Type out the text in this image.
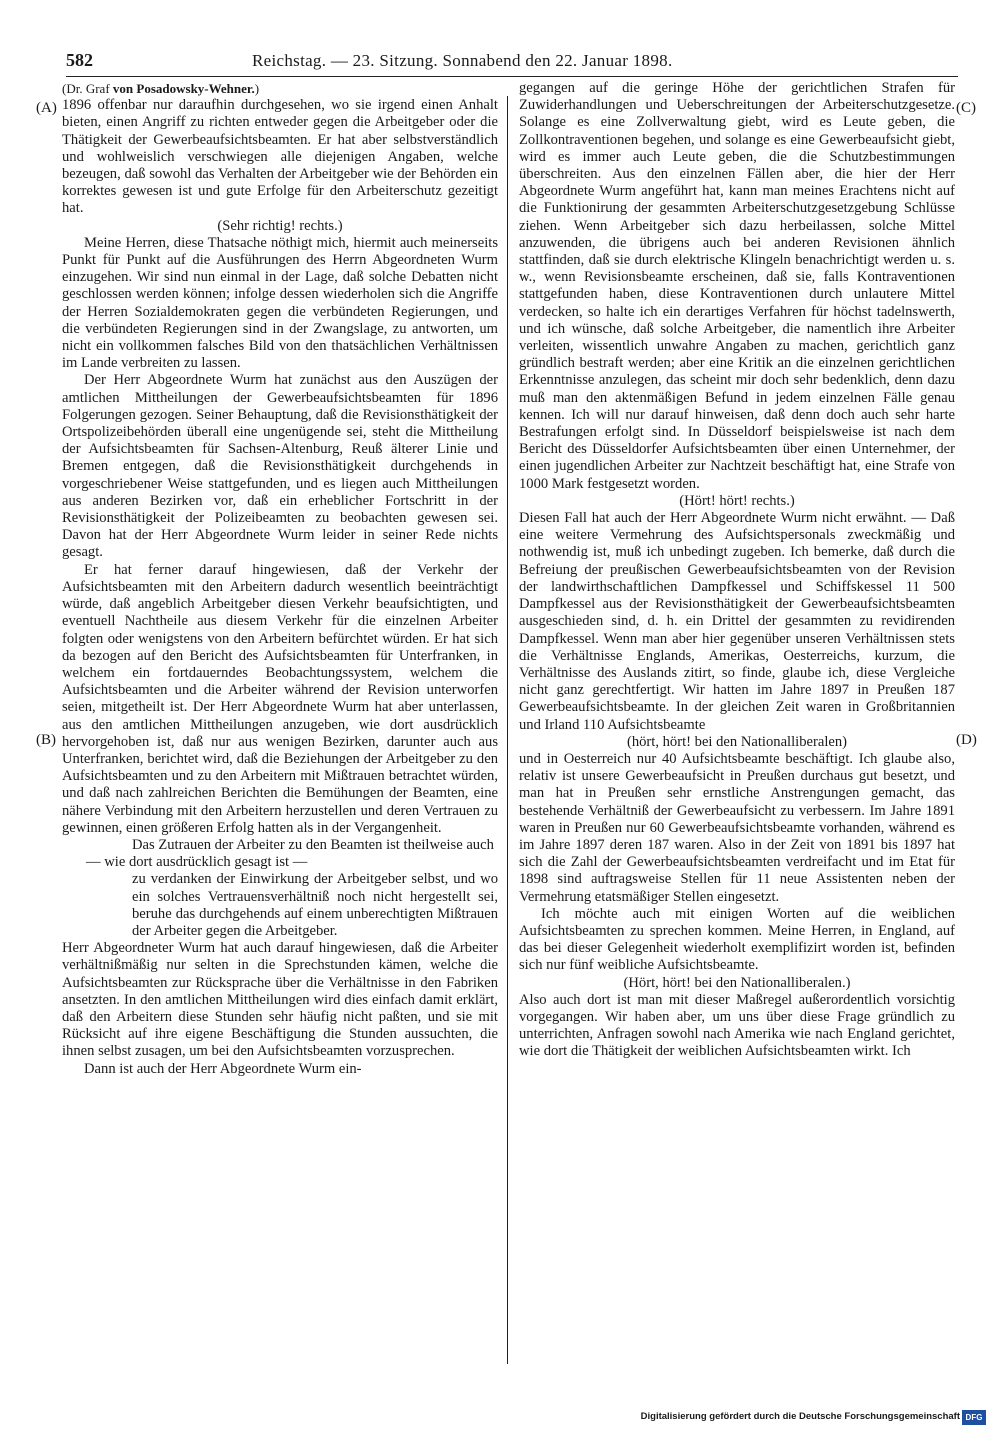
582	Reichstag. — 23. Sitzung. Sonnabend den 22. Januar 1898.
(A)
(B)
(C)
(D)

(Dr. Graf von Posadowsky-Wehner.)

1896 offenbar nur daraufhin durchgesehen, wo sie irgend einen Anhalt bieten, einen Angriff zu richten entweder gegen die Arbeitgeber oder die Thätigkeit der Gewerbeaufsichtsbeamten. Er hat aber selbstverständlich und wohlweislich verschwiegen alle diejenigen Angaben, welche bezeugen, daß sowohl das Verhalten der Arbeitgeber wie der Behörden ein korrektes gewesen ist und gute Erfolge für den Arbeiterschutz gezeitigt hat.

(Sehr richtig! rechts.)

Meine Herren, diese Thatsache nöthigt mich, hiermit auch meinerseits Punkt für Punkt auf die Ausführungen des Herrn Abgeordneten Wurm einzugehen. Wir sind nun einmal in der Lage, daß solche Debatten nicht geschlossen werden können; infolge dessen wiederholen sich die Angriffe der Herren Sozialdemokraten gegen die verbündeten Regierungen, und die verbündeten Regierungen sind in der Zwangslage, zu antworten, um nicht ein vollkommen falsches Bild von den thatsächlichen Verhältnissen im Lande verbreiten zu lassen.

Der Herr Abgeordnete Wurm hat zunächst aus den Auszügen der amtlichen Mittheilungen der Gewerbeaufsichtsbeamten für 1896 Folgerungen gezogen. Seiner Behauptung, daß die Revisionsthätigkeit der Ortspolizeibehörden überall eine ungenügende sei, steht die Mittheilung der Aufsichtsbeamten für Sachsen-Altenburg, Reuß älterer Linie und Bremen entgegen, daß die Revisionsthätigkeit durchgehends in vorgeschriebener Weise stattgefunden, und es liegen auch Mittheilungen aus anderen Bezirken vor, daß ein erheblicher Fortschritt in der Revisionsthätigkeit der Polizeibeamten zu beobachten gewesen sei. Davon hat der Herr Abgeordnete Wurm leider in seiner Rede nichts gesagt.

Er hat ferner darauf hingewiesen, daß der Verkehr der Aufsichtsbeamten mit den Arbeitern dadurch wesentlich beeinträchtigt würde, daß angeblich Arbeitgeber diesen Verkehr beaufsichtigten, und eventuell Nachtheile aus diesem Verkehr für die einzelnen Arbeiter folgten oder wenigstens von den Arbeitern befürchtet würden. Er hat sich da bezogen auf den Bericht des Aufsichtsbeamten für Unterfranken, in welchem ein fortdauerndes Beobachtungssystem, welchem die Aufsichtsbeamten und die Arbeiter während der Revision unterworfen seien, mitgetheilt ist. Der Herr Abgeordnete Wurm hat aber unterlassen, aus den amtlichen Mittheilungen anzugeben, wie dort ausdrücklich hervorgehoben ist, daß nur aus wenigen Bezirken, darunter auch aus Unterfranken, berichtet wird, daß die Beziehungen der Arbeitgeber zu den Aufsichtsbeamten und zu den Arbeitern mit Mißtrauen betrachtet würden, und daß nach zahlreichen Berichten die Bemühungen der Beamten, eine nähere Verbindung mit den Arbeitern herzustellen und deren Vertrauen zu gewinnen, einen größeren Erfolg hatten als in der Vergangenheit.

Das Zutrauen der Arbeiter zu den Beamten ist theilweise auch

— wie dort ausdrücklich gesagt ist —

zu verdanken der Einwirkung der Arbeitgeber selbst, und wo ein solches Vertrauensverhältniß noch nicht hergestellt sei, beruhe das durchgehends auf einem unberechtigten Mißtrauen der Arbeiter gegen die Arbeitgeber.

Herr Abgeordneter Wurm hat auch darauf hingewiesen, daß die Arbeiter verhältnißmäßig nur selten in die Sprechstunden kämen, welche die Aufsichtsbeamten zur Rücksprache über die Verhältnisse in den Fabriken ansetzten. In den amtlichen Mittheilungen wird dies einfach damit erklärt, daß den Arbeitern diese Stunden sehr häufig nicht paßten, und sie mit Rücksicht auf ihre eigene Beschäftigung die Stunden aussuchten, die ihnen selbst zusagen, um bei den Aufsichtsbeamten vorzusprechen.

Dann ist auch der Herr Abgeordnete Wurm ein-

gegangen auf die geringe Höhe der gerichtlichen Strafen für Zuwiderhandlungen und Ueberschreitungen der Arbeiterschutzgesetze. Solange es eine Zollverwaltung giebt, wird es Leute geben, die Zollkontraventionen begehen, und solange es eine Gewerbeaufsicht giebt, wird es immer auch Leute geben, die die Schutzbestimmungen überschreiten. Aus den einzelnen Fällen aber, die hier der Herr Abgeordnete Wurm angeführt hat, kann man meines Erachtens nicht auf die Funktionirung der gesammten Arbeiterschutzgesetzgebung Schlüsse ziehen. Wenn Arbeitgeber sich dazu herbeilassen, solche Mittel anzuwenden, die übrigens auch bei anderen Revisionen ähnlich stattfinden, daß sie durch elektrische Klingeln benachrichtigt werden u. s. w., wenn Revisionsbeamte erscheinen, daß sie, falls Kontraventionen stattgefunden haben, diese Kontraventionen durch unlautere Mittel verdecken, so halte ich ein derartiges Verfahren für höchst tadelnswerth, und ich wünsche, daß solche Arbeitgeber, die namentlich ihre Arbeiter verleiten, wissentlich unwahre Angaben zu machen, gerichtlich ganz gründlich bestraft werden; aber eine Kritik an die einzelnen gerichtlichen Erkenntnisse anzulegen, das scheint mir doch sehr bedenklich, denn dazu muß man den aktenmäßigen Befund in jedem einzelnen Fälle genau kennen. Ich will nur darauf hinweisen, daß denn doch auch sehr harte Bestrafungen erfolgt sind. In Düsseldorf beispielsweise ist nach dem Bericht des Düsseldorfer Aufsichtsbeamten über einen Unternehmer, der einen jugendlichen Arbeiter zur Nachtzeit beschäftigt hat, eine Strafe von 1000 Mark festgesetzt worden.

(Hört! hört! rechts.)

Diesen Fall hat auch der Herr Abgeordnete Wurm nicht erwähnt. — Daß eine weitere Vermehrung des Aufsichtspersonals zweckmäßig und nothwendig ist, muß ich unbedingt zugeben. Ich bemerke, daß durch die Befreiung der preußischen Gewerbeaufsichtsbeamten von der Revision der landwirthschaftlichen Dampfkessel und Schiffskessel 11 500 Dampfkessel aus der Revisionsthätigkeit der Gewerbeaufsichtsbeamten ausgeschieden sind, d. h. ein Drittel der gesammten zu revidirenden Dampfkessel. Wenn man aber hier gegenüber unseren Verhältnissen stets die Verhältnisse Englands, Amerikas, Oesterreichs, kurzum, die Verhältnisse des Auslands zitirt, so finde, glaube ich, diese Vergleiche nicht ganz gerechtfertigt. Wir hatten im Jahre 1897 in Preußen 187 Gewerbeaufsichtsbeamte. In der gleichen Zeit waren in Großbritannien und Irland 110 Aufsichtsbeamte

(hört, hört! bei den Nationalliberalen)

und in Oesterreich nur 40 Aufsichtsbeamte beschäftigt. Ich glaube also, relativ ist unsere Gewerbeaufsicht in Preußen durchaus gut besetzt, und man hat in Preußen sehr ernstliche Anstrengungen gemacht, das bestehende Verhältniß der Gewerbeaufsicht zu verbessern. Im Jahre 1891 waren in Preußen nur 60 Gewerbeaufsichtsbeamte vorhanden, während es im Jahre 1897 deren 187 waren. Also in der Zeit von 1891 bis 1897 hat sich die Zahl der Gewerbeaufsichtsbeamten verdreifacht und im Etat für 1898 sind auftragsweise Stellen für 11 neue Assistenten neben der Vermehrung etatsmäßiger Stellen eingesetzt.

Ich möchte auch mit einigen Worten auf die weiblichen Aufsichtsbeamten zu sprechen kommen. Meine Herren, in England, auf das bei dieser Gelegenheit wiederholt exemplifizirt worden ist, befinden sich nur fünf weibliche Aufsichtsbeamte.

(Hört, hört! bei den Nationalliberalen.)

Also auch dort ist man mit dieser Maßregel außerordentlich vorsichtig vorgegangen. Wir haben aber, um uns über diese Frage gründlich zu unterrichten, Anfragen sowohl nach Amerika wie nach England gerichtet, wie dort die Thätigkeit der weiblichen Aufsichtsbeamten wirkt. Ich

Digitalisierung gefördert durch die Deutsche Forschungsgemeinschaft DFG
